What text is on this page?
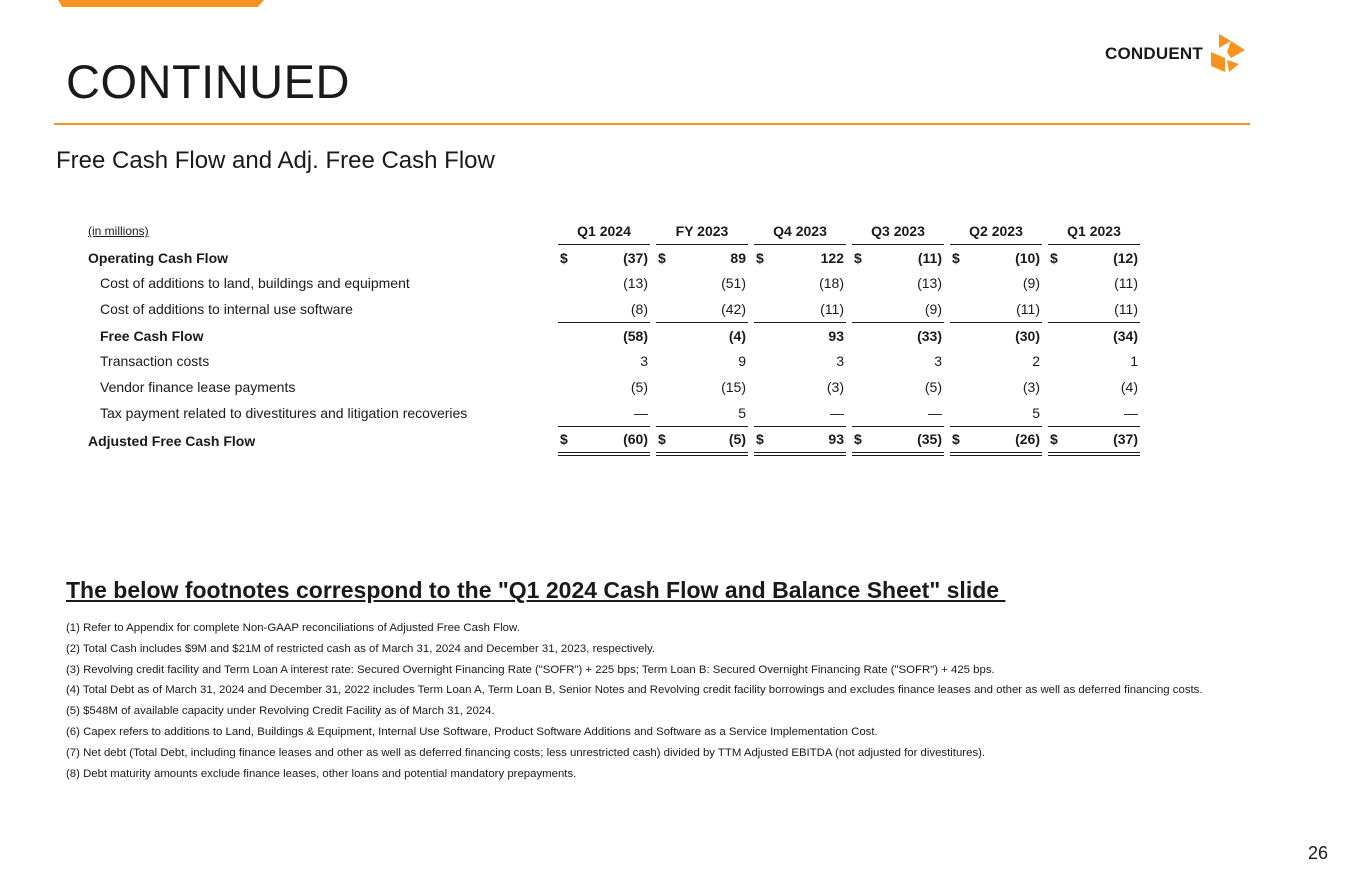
CONTINUED
CONDUENT
Free Cash Flow and Adj. Free Cash Flow
(in millions)		Q1 2024			FY 2023			Q4 2023			Q3 2023			Q2 2023			Q1 2023	
Operating Cash Flow		$	(37)		$	89		$	122		$	(11)		$	(10)		$	(12)
Cost of additions to land, buildings and equipment			(13)			(51)			(18)			(13)			(9)			(11)
Cost of additions to internal use software			(8)			(42)			(11)			(9)			(11)			(11)
Free Cash Flow			(58)			(4)			93			(33)			(30)			(34)
Transaction costs			3			9			3			3			2			1
Vendor finance lease payments			(5)			(15)			(3)			(5)			(3)			(4)
Tax payment related to divestitures and litigation recoveries			—			5			—			—			5			—
Adjusted Free Cash Flow		$	(60)		$	(5)		$	93		$	(35)		$	(26)		$	(37)
The below footnotes correspond to the "Q1 2024 Cash Flow and Balance Sheet" slide
(1) Refer to Appendix for complete Non-GAAP reconciliations of Adjusted Free Cash Flow.
(2) Total Cash includes $9M and $21M of restricted cash as of March 31, 2024 and December 31, 2023, respectively.
(3) Revolving credit facility and Term Loan A interest rate: Secured Overnight Financing Rate ("SOFR") + 225 bps; Term Loan B: Secured Overnight Financing Rate ("SOFR") + 425 bps.
(4) Total Debt as of March 31, 2024 and December 31, 2022 includes Term Loan A, Term Loan B, Senior Notes and Revolving credit facility borrowings and excludes finance leases and other as well as deferred financing costs.
(5) $548M of available capacity under Revolving Credit Facility as of March 31, 2024.
(6) Capex refers to additions to Land, Buildings & Equipment, Internal Use Software, Product Software Additions and Software as a Service Implementation Cost.
(7) Net debt (Total Debt, including finance leases and other as well as deferred financing costs; less unrestricted cash) divided by TTM Adjusted EBITDA (not adjusted for divestitures).
(8) Debt maturity amounts exclude finance leases, other loans and potential mandatory prepayments.
26
